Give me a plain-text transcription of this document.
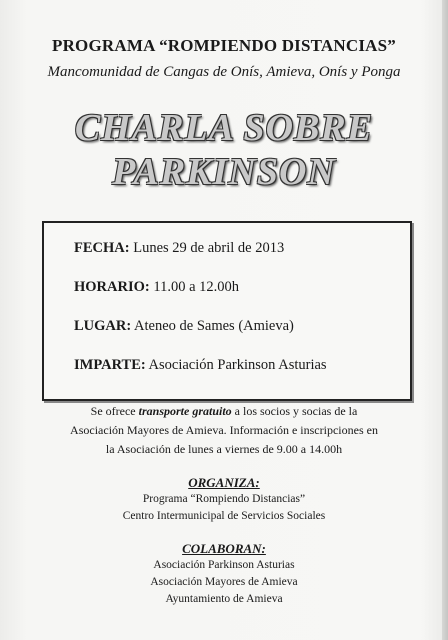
PROGRAMA “ROMPIENDO DISTANCIAS”
Mancomunidad de Cangas de Onís, Amieva, Onís y Ponga
CHARLA SOBRE
PARKINSON
FECHA: Lunes 29 de abril de 2013
HORARIO: 11.00 a 12.00h
LUGAR: Ateneo de Sames (Amieva)
IMPARTE: Asociación Parkinson Asturias
Se ofrece transporte gratuito a los socios y socias de la
Asociación Mayores de Amieva. Información e inscripciones en
la Asociación de lunes a viernes de 9.00 a 14.00h
ORGANIZA:
Programa “Rompiendo Distancias”
Centro Intermunicipal de Servicios Sociales
COLABORAN:
Asociación Parkinson Asturias
Asociación Mayores de Amieva
Ayuntamiento de Amieva
